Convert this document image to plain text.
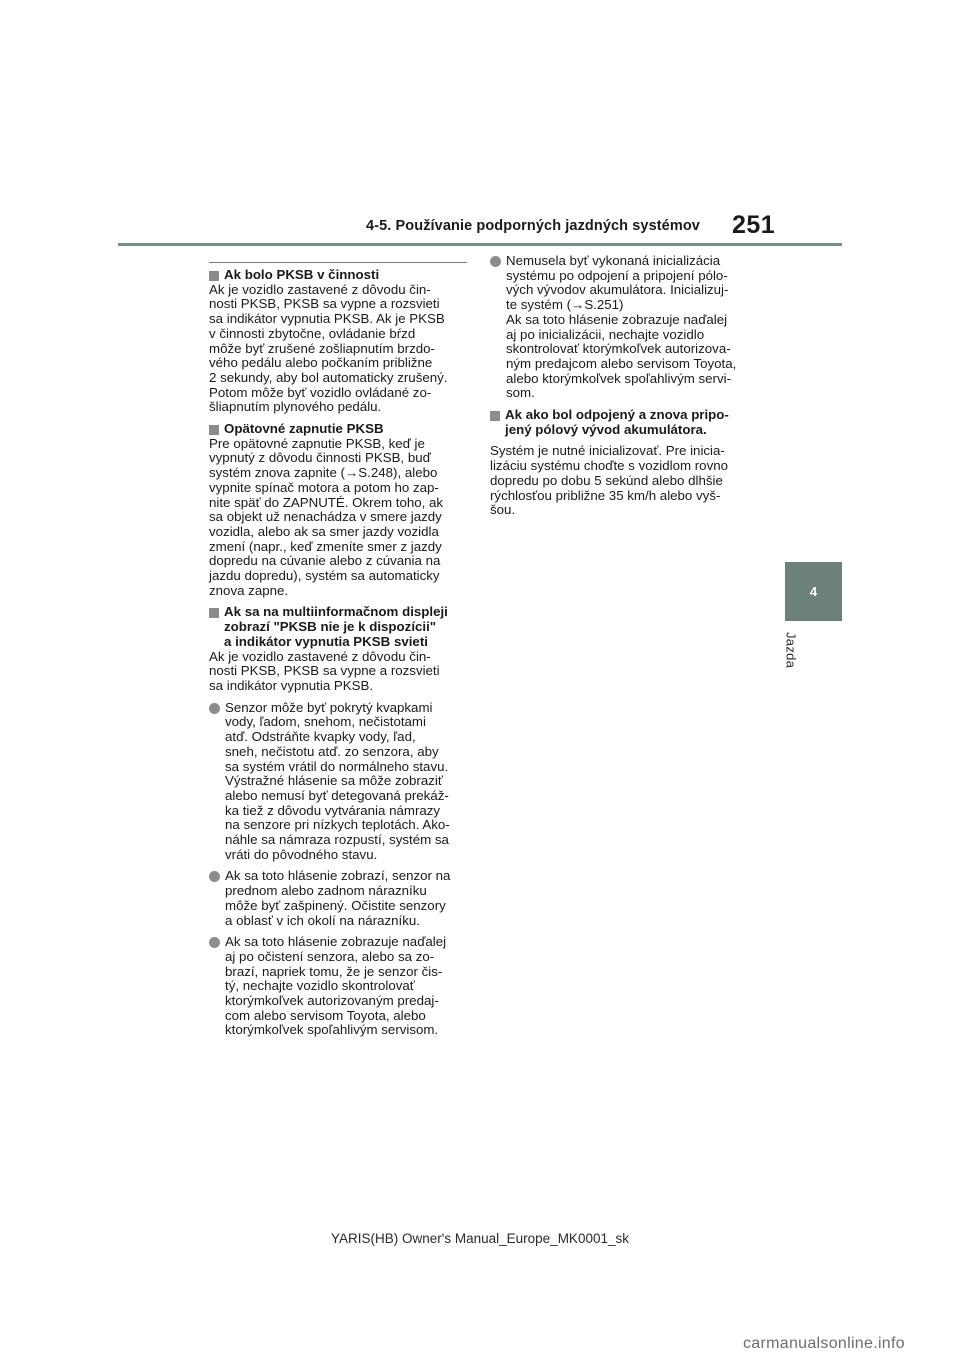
4-5. Používanie podporných jazdných systémov 251
4
Jazda
Ak bolo PKSB v činnosti
Ak je vozidlo zastavené z dôvodu čin-
nosti PKSB, PKSB sa vypne a rozsvieti
sa indikátor vypnutia PKSB. Ak je PKSB
v činnosti zbytočne, ovládanie bŕzd
môže byť zrušené zošliapnutím brzdo-
vého pedálu alebo počkaním približne
2 sekundy, aby bol automaticky zrušený.
Potom môže byť vozidlo ovládané zo-
šliapnutím plynového pedálu.
Opätovné zapnutie PKSB
Pre opätovné zapnutie PKSB, keď je
vypnutý z dôvodu činnosti PKSB, buď
systém znova zapnite (→S.248), alebo
vypnite spínač motora a potom ho zap-
nite späť do ZAPNUTÉ. Okrem toho, ak
sa objekt už nenachádza v smere jazdy
vozidla, alebo ak sa smer jazdy vozidla
zmení (napr., keď zmeníte smer z jazdy
dopredu na cúvanie alebo z cúvania na
jazdu dopredu), systém sa automaticky
znova zapne.
Ak sa na multiinformačnom displeji
zobrazí "PKSB nie je k dispozícii"
a indikátor vypnutia PKSB svieti
Ak je vozidlo zastavené z dôvodu čin-
nosti PKSB, PKSB sa vypne a rozsvieti
sa indikátor vypnutia PKSB.
Senzor môže byť pokrytý kvapkami
vody, ľadom, snehom, nečistotami
atď. Odstráňte kvapky vody, ľad,
sneh, nečistotu atď. zo senzora, aby
sa systém vrátil do normálneho stavu.
Výstražné hlásenie sa môže zobraziť
alebo nemusí byť detegovaná prekáž-
ka tiež z dôvodu vytvárania námrazy
na senzore pri nízkych teplotách. Ako-
náhle sa námraza rozpustí, systém sa
vráti do pôvodného stavu.
Ak sa toto hlásenie zobrazí, senzor na
prednom alebo zadnom nárazníku
môže byť zašpinený. Očistite senzory
a oblasť v ich okolí na nárazníku.
Ak sa toto hlásenie zobrazuje naďalej
aj po očistení senzora, alebo sa zo-
brazí, napriek tomu, že je senzor čis-
tý, nechajte vozidlo skontrolovať
ktorýmkoľvek autorizovaným predaj-
com alebo servisom Toyota, alebo
ktorýmkoľvek spoľahlivým servisom.
Nemusela byť vykonaná inicializácia
systému po odpojení a pripojení pólo-
vých vývodov akumulátora. Inicializuj-
te systém (→S.251)
Ak sa toto hlásenie zobrazuje naďalej
aj po inicializácii, nechajte vozidlo
skontrolovať ktorýmkoľvek autorizova-
ným predajcom alebo servisom Toyota,
alebo ktorýmkoľvek spoľahlivým servi-
som.
Ak ako bol odpojený a znova pripo-
jený pólový vývod akumulátora.
Systém je nutné inicializovať. Pre inicia-
lizáciu systému choďte s vozidlom rovno
dopredu po dobu 5 sekúnd alebo dlhšie
rýchlosťou približne 35 km/h alebo vyš-
šou.
YARIS(HB) Owner's Manual_Europe_MK0001_sk
carmanualsonline.info
